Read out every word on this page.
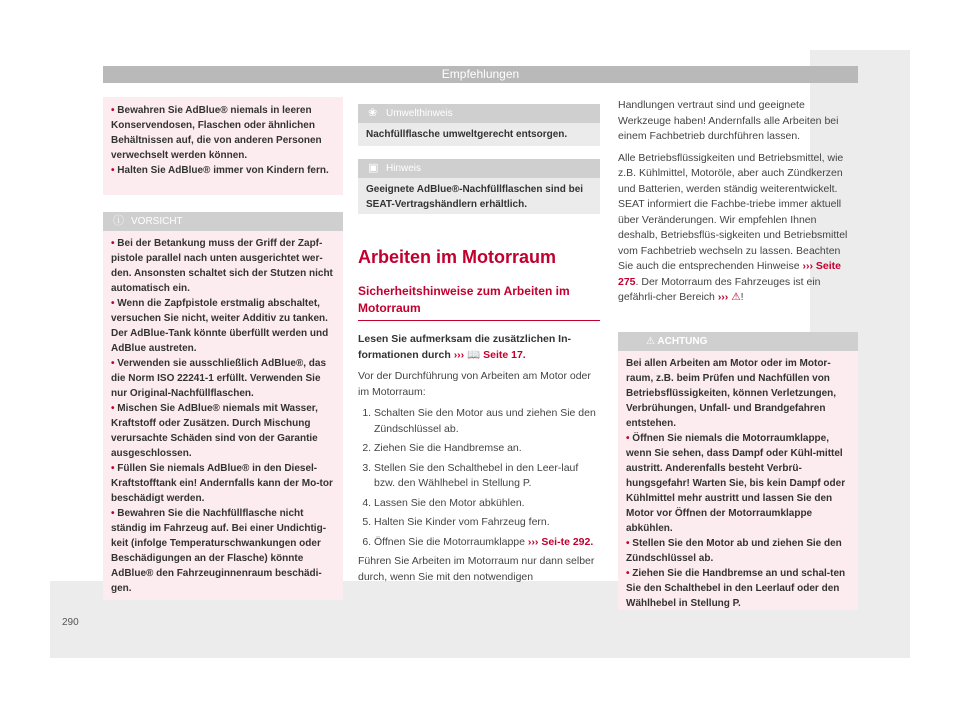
Empfehlungen

• Bewahren Sie AdBlue® niemals in leeren Konservendosen, Flaschen oder ähnlichen Behältnissen auf, die von anderen Personen verwechselt werden können.

• Halten Sie AdBlue® immer von Kindern fern.

ⓘ VORSICHT

• Bei der Betankung muss der Griff der Zapf-pistole parallel nach unten ausgerichtet wer-den. Ansonsten schaltet sich der Stutzen nicht automatisch ein.

• Wenn die Zapfpistole erstmalig abschaltet, versuchen Sie nicht, weiter Additiv zu tanken. Der AdBlue-Tank könnte überfüllt werden und AdBlue austreten.

• Verwenden sie ausschließlich AdBlue®, das die Norm ISO 22241-1 erfüllt. Verwenden Sie nur Original-Nachfüllflaschen.

• Mischen Sie AdBlue® niemals mit Wasser, Kraftstoff oder Zusätzen. Durch Mischung verursachte Schäden sind von der Garantie ausgeschlossen.

• Füllen Sie niemals AdBlue® in den Diesel-Kraftstofftank ein! Andernfalls kann der Mo-tor beschädigt werden.

• Bewahren Sie die Nachfüllflasche nicht ständig im Fahrzeug auf. Bei einer Undichtig-keit (infolge Temperaturschwankungen oder Beschädigungen an der Flasche) könnte AdBlue® den Fahrzeuginnenraum beschädi-gen.

❀ Umwelthinweis
Nachfüllflasche umweltgerecht entsorgen.
▣ Hinweis
Geeignete AdBlue®-Nachfüllflaschen sind bei SEAT-Vertragshändlern erhältlich.
Arbeiten im Motorraum
Sicherheitshinweise zum Arbeiten im Motorraum

Lesen Sie aufmerksam die zusätzlichen In-formationen durch ››› 📖 Seite 17.

Vor der Durchführung von Arbeiten am Motor oder im Motorraum:

1. Schalten Sie den Motor aus und ziehen Sie den Zündschlüssel ab.
2. Ziehen Sie die Handbremse an.
3. Stellen Sie den Schalthebel in den Leer-lauf bzw. den Wählhebel in Stellung P.
4. Lassen Sie den Motor abkühlen.
5. Halten Sie Kinder vom Fahrzeug fern.
6. Öffnen Sie die Motorraumklappe ››› Sei-te 292.

Führen Sie Arbeiten im Motorraum nur dann selber durch, wenn Sie mit den notwendigen

Handlungen vertraut sind und geeignete Werkzeuge haben! Andernfalls alle Arbeiten bei einem Fachbetrieb durchführen lassen.

Alle Betriebsflüssigkeiten und Betriebsmittel, wie z.B. Kühlmittel, Motoröle, aber auch Zündkerzen und Batterien, werden ständig weiterentwickelt. SEAT informiert die Fachbe-triebe immer aktuell über Veränderungen. Wir empfehlen Ihnen deshalb, Betriebsflüs-sigkeiten und Betriebsmittel vom Fachbetrieb wechseln zu lassen. Beachten Sie auch die entsprechenden Hinweise ››› Seite 275. Der Motorraum des Fahrzeuges ist ein gefährli-cher Bereich ››› ⚠!

⚠ ACHTUNG

Bei allen Arbeiten am Motor oder im Motor-raum, z.B. beim Prüfen und Nachfüllen von Betriebsflüssigkeiten, können Verletzungen, Verbrühungen, Unfall- und Brandgefahren entstehen.

• Öffnen Sie niemals die Motorraumklappe, wenn Sie sehen, dass Dampf oder Kühl-mittel austritt. Anderenfalls besteht Verbrü-hungsgefahr! Warten Sie, bis kein Dampf oder Kühlmittel mehr austritt und lassen Sie den Motor vor Öffnen der Motorraumklappe abkühlen.

• Stellen Sie den Motor ab und ziehen Sie den Zündschlüssel ab.

• Ziehen Sie die Handbremse an und schal-ten Sie den Schalthebel in den Leerlauf oder den Wählhebel in Stellung P.

290
